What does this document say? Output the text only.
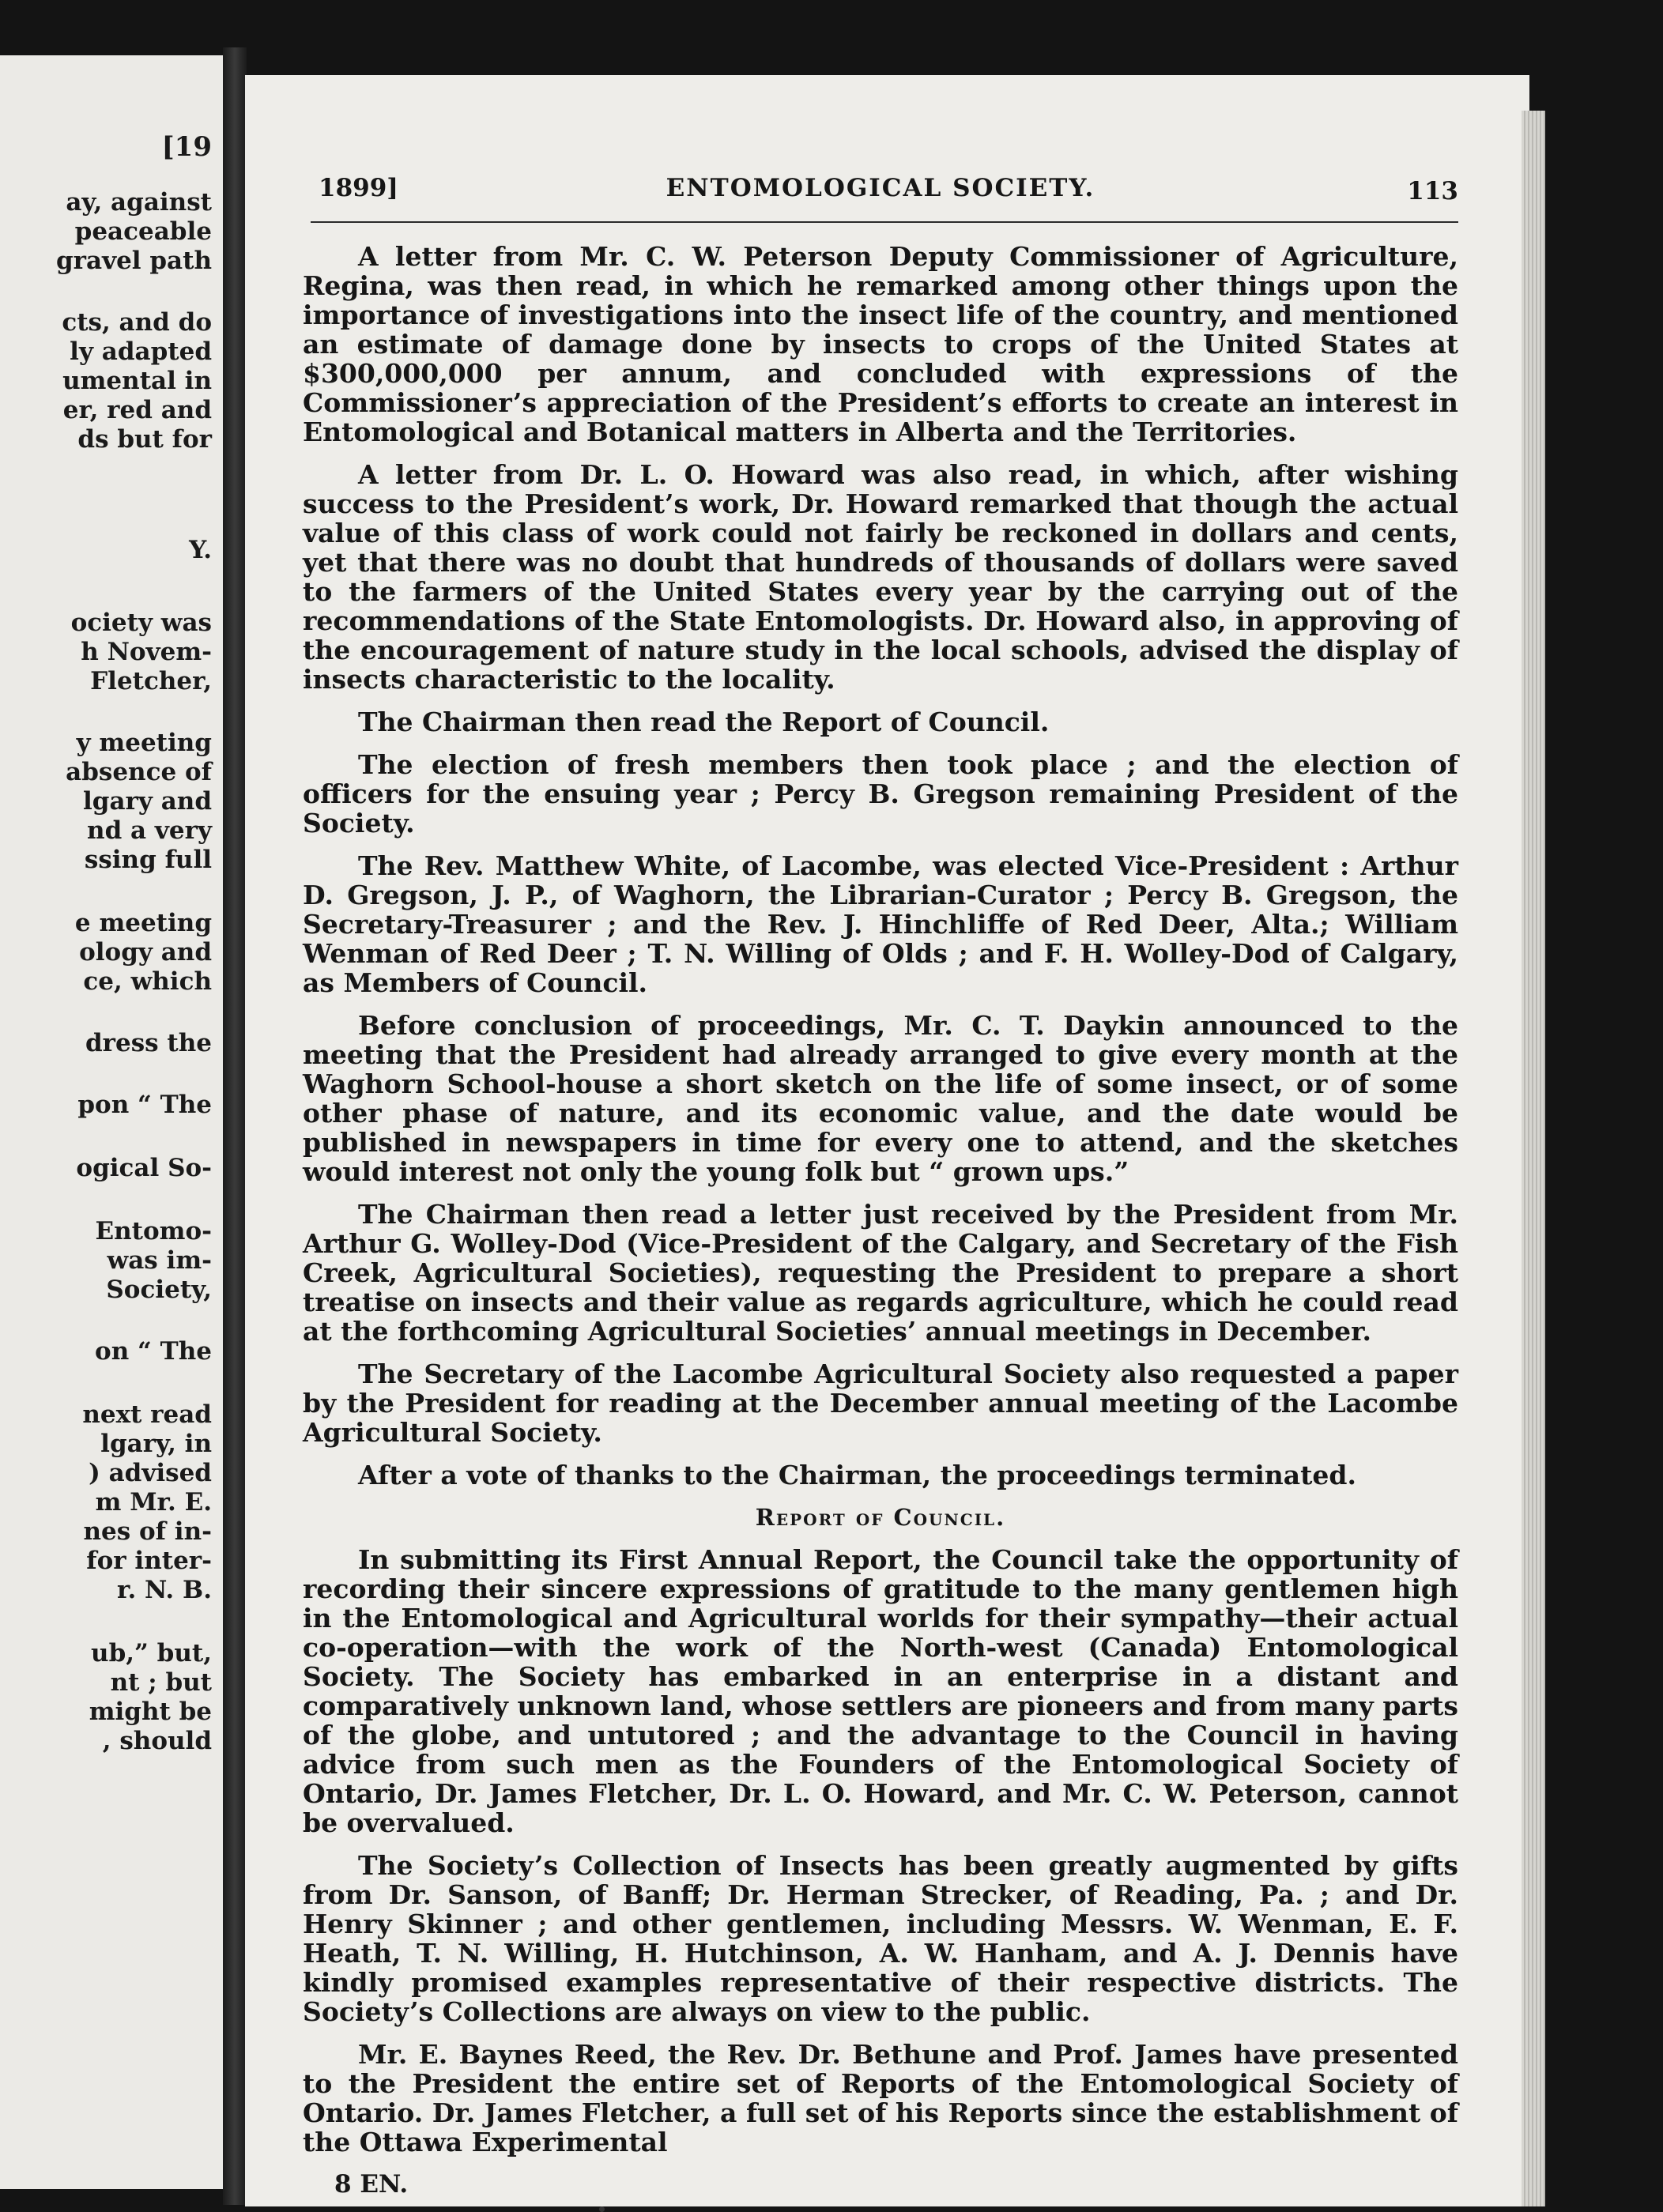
[19
ay, against
peaceable
gravel path
cts, and do
ly adapted
umental in
er, red and
ds but for
Y.
ociety was
h Novem-
Fletcher,
y meeting
absence of
lgary and
nd a very
ssing full
e meeting
ology and
ce, which
dress the
pon “ The
ogical So-
Entomo-
was im-
Society,
on “ The
next read
lgary, in
) advised
m Mr. E.
nes of in-
for inter-
r. N. B.
ub,” but,
nt ; but
might be
, should
1899]	ENTOMOLOGICAL SOCIETY.	113

A letter from Mr. C. W. Peterson Deputy Commissioner of Agriculture, Regina, was then read, in which he remarked among other things upon the importance of investigations into the insect life of the country, and mentioned an estimate of damage done by insects to crops of the United States at $300,000,000 per annum, and concluded with expressions of the Commissioner’s appreciation of the President’s efforts to create an interest in Entomological and Botanical matters in Alberta and the Territories.

A letter from Dr. L. O. Howard was also read, in which, after wishing success to the President’s work, Dr. Howard remarked that though the actual value of this class of work could not fairly be reckoned in dollars and cents, yet that there was no doubt that hundreds of thousands of dollars were saved to the farmers of the United States every year by the carrying out of the recommendations of the State Entomologists. Dr. Howard also, in approving of the encouragement of nature study in the local schools, advised the display of insects characteristic to the locality.

The Chairman then read the Report of Council.

The election of fresh members then took place ; and the election of officers for the ensuing year ; Percy B. Gregson remaining President of the Society.

The Rev. Matthew White, of Lacombe, was elected Vice-President : Arthur D. Gregson, J. P., of Waghorn, the Librarian-Curator ; Percy B. Gregson, the Secretary-Treasurer ; and the Rev. J. Hinchliffe of Red Deer, Alta.; William Wenman of Red Deer ; T. N. Willing of Olds ; and F. H. Wolley-Dod of Calgary, as Members of Council.

Before conclusion of proceedings, Mr. C. T. Daykin announced to the meeting that the President had already arranged to give every month at the Waghorn School-house a short sketch on the life of some insect, or of some other phase of nature, and its economic value, and the date would be published in newspapers in time for every one to attend, and the sketches would interest not only the young folk but “ grown ups.”

The Chairman then read a letter just received by the President from Mr. Arthur G. Wolley-Dod (Vice-President of the Calgary, and Secretary of the Fish Creek, Agricultural Societies), requesting the President to prepare a short treatise on insects and their value as regards agriculture, which he could read at the forthcoming Agricultural Societies’ annual meetings in December.

The Secretary of the Lacombe Agricultural Society also requested a paper by the President for reading at the December annual meeting of the Lacombe Agricultural Society.

After a vote of thanks to the Chairman, the proceedings terminated.

Report of Council.

In submitting its First Annual Report, the Council take the opportunity of recording their sincere expressions of gratitude to the many gentlemen high in the Entomological and Agricultural worlds for their sympathy—their actual co-operation—with the work of the North-west (Canada) Entomological Society. The Society has embarked in an enterprise in a distant and comparatively unknown land, whose settlers are pioneers and from many parts of the globe, and untutored ; and the advantage to the Council in having advice from such men as the Founders of the Entomological Society of Ontario, Dr. James Fletcher, Dr. L. O. Howard, and Mr. C. W. Peterson, cannot be overvalued.

The Society’s Collection of Insects has been greatly augmented by gifts from Dr. Sanson, of Banff; Dr. Herman Strecker, of Reading, Pa. ; and Dr. Henry Skinner ; and other gentlemen, including Messrs. W. Wenman, E. F. Heath, T. N. Willing, H. Hutchinson, A. W. Hanham, and A. J. Dennis have kindly promised examples representative of their respective districts. The Society’s Collections are always on view to the public.

Mr. E. Baynes Reed, the Rev. Dr. Bethune and Prof. James have presented to the President the entire set of Reports of the Entomological Society of Ontario. Dr. James Fletcher, a full set of his Reports since the establishment of the Ottawa Experimental

8 EN.
